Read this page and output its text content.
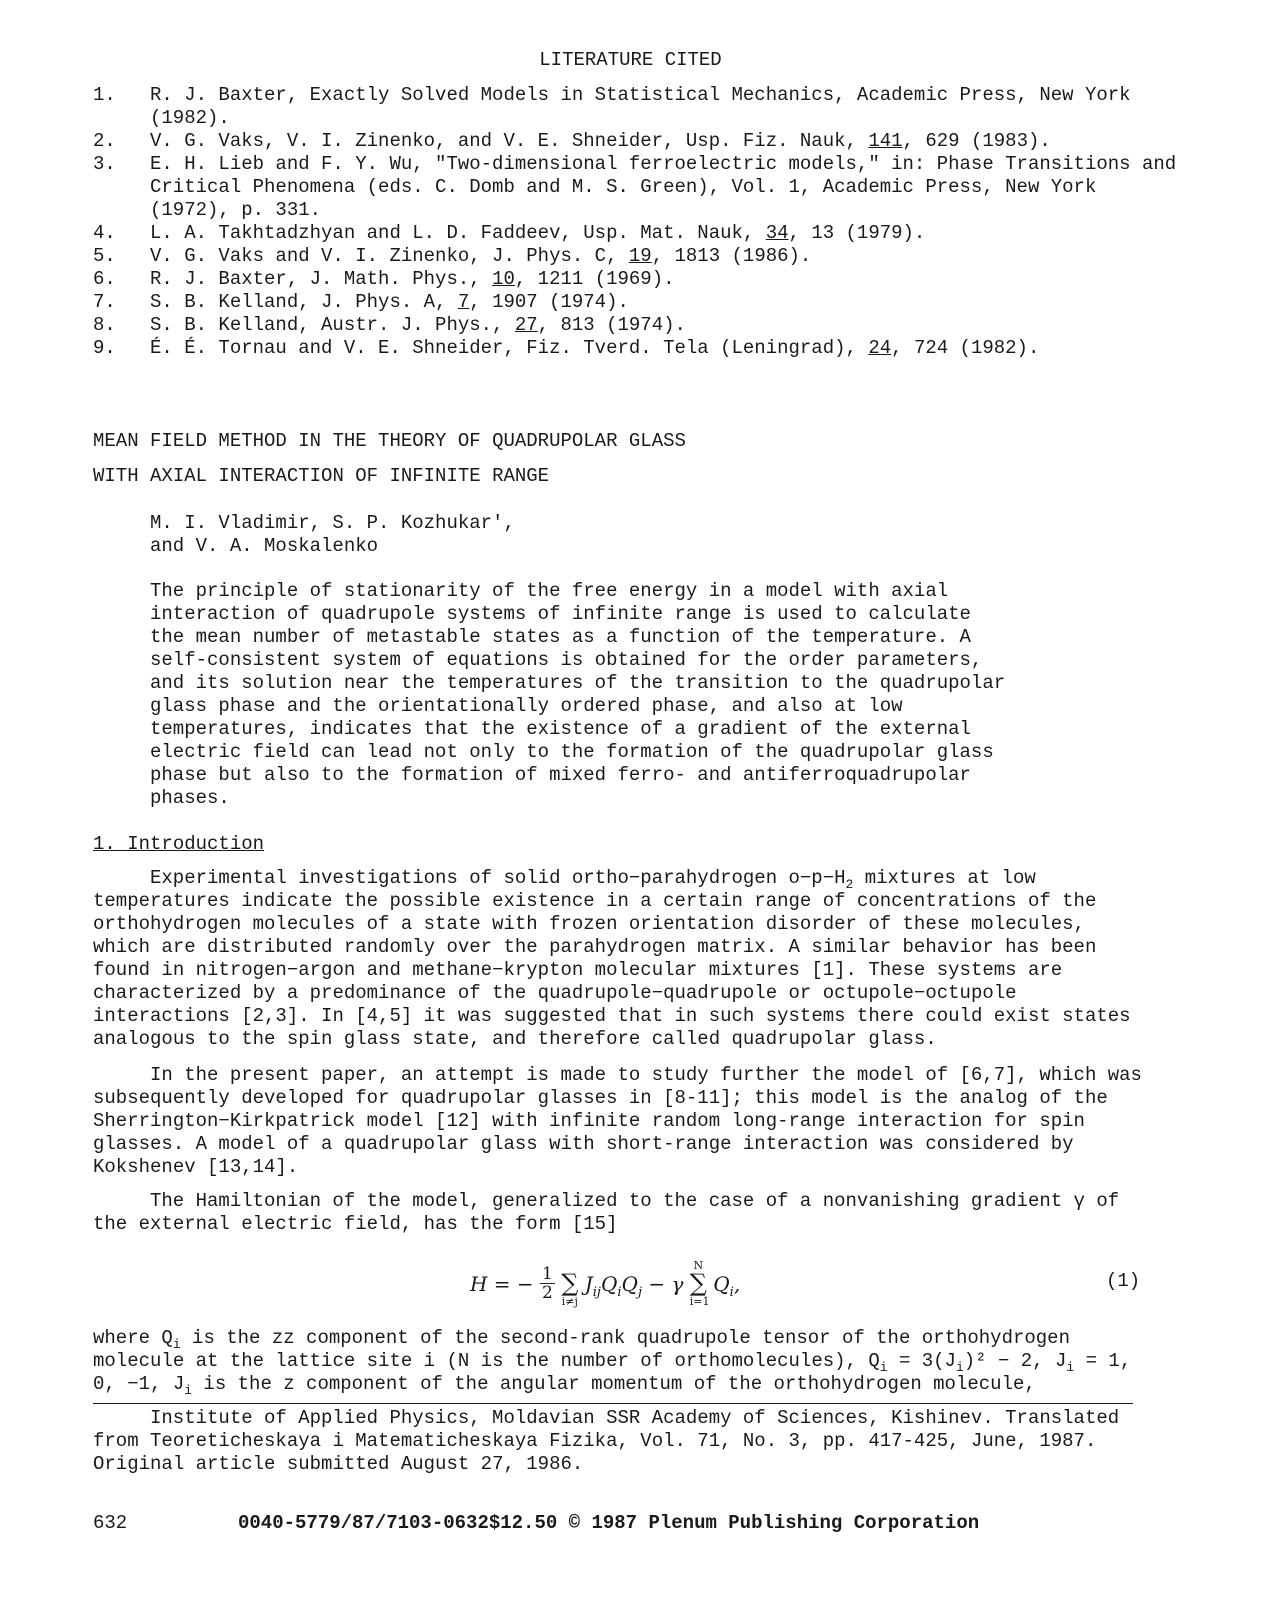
LITERATURE CITED
1.	R. J. Baxter, Exactly Solved Models in Statistical Mechanics, Academic Press, New York (1982).
2.	V. G. Vaks, V. I. Zinenko, and V. E. Shneider, Usp. Fiz. Nauk, 141, 629 (1983).
3.	E. H. Lieb and F. Y. Wu, "Two-dimensional ferroelectric models," in: Phase Transitions and Critical Phenomena (eds. C. Domb and M. S. Green), Vol. 1, Academic Press, New York (1972), p. 331.
4.	L. A. Takhtadzhyan and L. D. Faddeev, Usp. Mat. Nauk, 34, 13 (1979).
5.	V. G. Vaks and V. I. Zinenko, J. Phys. C, 19, 1813 (1986).
6.	R. J. Baxter, J. Math. Phys., 10, 1211 (1969).
7.	S. B. Kelland, J. Phys. A, 7, 1907 (1974).
8.	S. B. Kelland, Austr. J. Phys., 27, 813 (1974).
9.	É. É. Tornau and V. E. Shneider, Fiz. Tverd. Tela (Leningrad), 24, 724 (1982).
MEAN FIELD METHOD IN THE THEORY OF QUADRUPOLAR GLASS
WITH AXIAL INTERACTION OF INFINITE RANGE
M. I. Vladimir, S. P. Kozhukar',
and V. A. Moskalenko
The principle of stationarity of the free energy in a model with axial interaction of quadrupole systems of infinite range is used to calculate the mean number of metastable states as a function of the temperature. A self-consistent system of equations is obtained for the order parameters, and its solution near the temperatures of the transition to the quadrupolar glass phase and the orientationally ordered phase, and also at low temperatures, indicates that the existence of a gradient of the external electric field can lead not only to the formation of the quadrupolar glass phase but also to the formation of mixed ferro- and antiferroquadrupolar phases.
1. Introduction

Experimental investigations of solid ortho−parahydrogen $o-p-H_2$ mixtures at low temperatures indicate the possible existence in a certain range of concentrations of the orthohydrogen molecules of a state with frozen orientation disorder of these molecules, which are distributed randomly over the parahydrogen matrix. A similar behavior has been found in nitrogen−argon and methane−krypton molecular mixtures [1]. These systems are characterized by a predominance of the quadrupole−quadrupole or octupole−octupole interactions [2,3]. In [4,5] it was suggested that in such systems there could exist states analogous to the spin glass state, and therefore called quadrupolar glass.

In the present paper, an attempt is made to study further the model of [6,7], which was subsequently developed for quadrupolar glasses in [8-11]; this model is the analog of the Sherrington−Kirkpatrick model [12] with infinite random long-range interaction for spin glasses. A model of a quadrupolar glass with short-range interaction was considered by Kokshenev [13,14].

The Hamiltonian of the model, generalized to the case of a nonvanishing gradient γ of the external electric field, has the form [15]

H = − $\frac{1}{2}$ ∑
i≠j
$J_{ij}Q_iQ_j - \gamma$
N
∑
i=1
$Q_i$,	(1)
where $Q_i$ is the zz component of the second-rank quadrupole tensor of the orthohydrogen molecule at the lattice site i (N is the number of orthomolecules), $Q_i = 3(J_i)^2 - 2$, $J_i = 1$, 0, −1, $J_i$ is the z component of the angular momentum of the orthohydrogen molecule,

Institute of Applied Physics, Moldavian SSR Academy of Sciences, Kishinev. Translated from Teoreticheskaya i Matematicheskaya Fizika, Vol. 71, No. 3, pp. 417-425, June, 1987. Original article submitted August 27, 1986.

632	0040-5779/87/7103-0632$12.50 © 1987 Plenum Publishing Corporation
